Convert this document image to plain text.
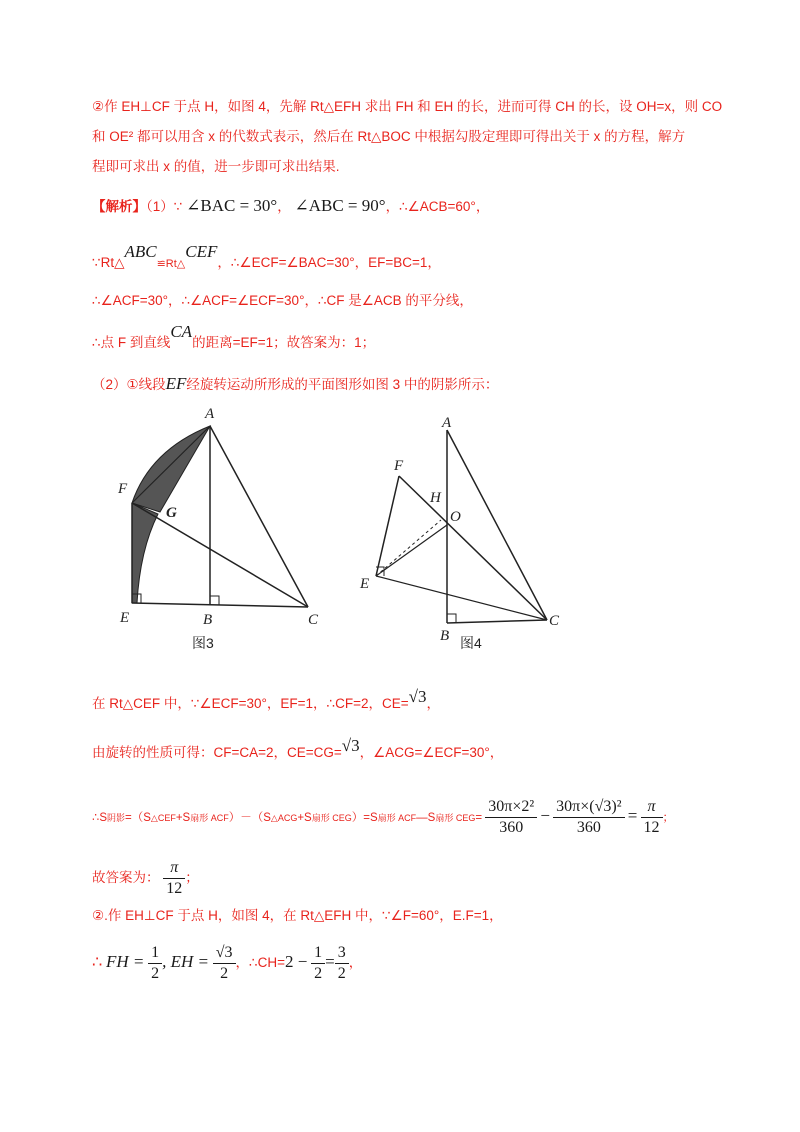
②作 EH⊥CF 于点 H，如图 4，先解 Rt△EFH 求出 FH 和 EH 的长，进而可得 CH 的长，设 OH=x，则 CO
和 OE² 都可以用含 x 的代数式表示，然后在 Rt△BOC 中根据勾股定理即可得出关于 x 的方程，解方
程即可求出 x 的值，进一步即可求出结果.
【解析】（1）∵ ∠BAC = 30°， ∠ABC = 90°，∴∠ACB=60°，
∵Rt△ABC≌Rt△CEF，∴∠ECF=∠BAC=30°，EF=BC=1，
∴∠ACF=30°，∴∠ACF=∠ECF=30°，∴CF 是∠ACB 的平分线，
∴点 F 到直线CA的距离=EF=1；故答案为：1；
（2）①线段EF经旋转运动所形成的平面图形如图 3 中的阴影所示：
A
F
G
E	B	C
图3
A
F
H
O
E
B
C
图4
在 Rt△CEF 中，∵∠ECF=30°，EF=1，∴CF=2，CE=√3，
由旋转的性质可得：CF=CA=2，CE=CG=√3，∠ACG=∠ECF=30°，
∴S阴影=（S△CEF+S扇形 ACF）－（S△ACG+S扇形 CEG）=S扇形 ACF—S扇形 $CEG= \frac{\text{30π×2²}}{360} - \frac{\text{30π×(√3)²}}{360} = \frac{\pi}{12}$ ；
故答案为： $\frac{\pi}{12}$ ；
②.作 EH⊥CF 于点 H，如图 4，在 Rt△EFH 中，∵∠F=60°，E.F=1，
∴ FH = $\frac{1}{2}$ , EH = $\frac{√3}{2}$ ，∴CH=2 − $\frac{1}{2} = \frac{3}{2}$ ，
